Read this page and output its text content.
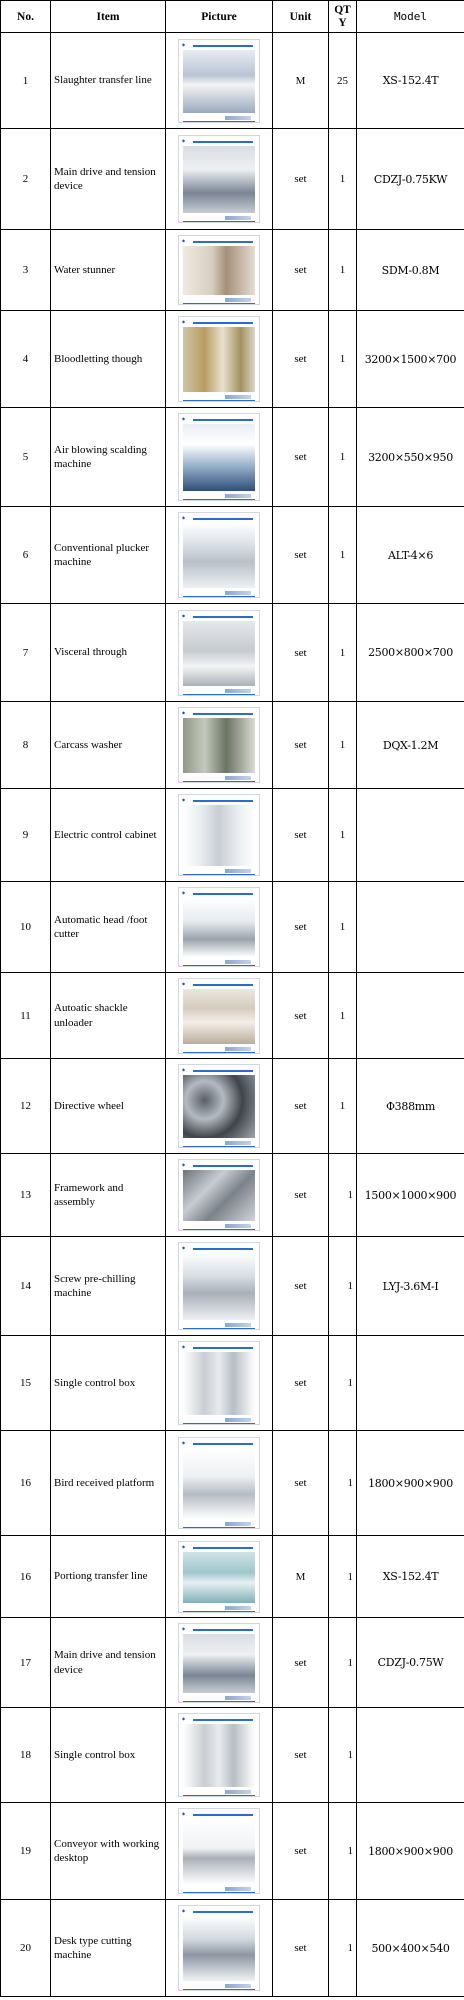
No.	Item	Picture	Unit	QTY	Model
1	Slaughter transfer line	◆	M	25	XS-152.4T
2	Main drive and tension device	◆	set	1	CDZJ-0.75KW
3	Water stunner	◆	set	1	SDM-0.8M
4	Bloodletting though	◆	set	1	3200×1500×700
5	Air blowing scalding machine	◆	set	1	3200×550×950
6	Conventional plucker machine	◆	set	1	ALT-4×6
7	Visceral through	◆	set	1	2500×800×700
8	Carcass washer	◆	set	1	DQX-1.2M
9	Electric control cabinet	◆	set	1	
10	Automatic head /foot cutter	◆	set	1	
11	Autoatic shackle unloader	◆	set	1	
12	Directive wheel	◆	set	1	Φ388mm
13	Framework and assembly	◆	set	1	1500×1000×900
14	Screw pre-chilling machine	◆	set	1	LYJ-3.6M-Ⅰ
15	Single control box	◆	set	1	
16	Bird received platform	◆	set	1	1800×900×900
16	Portiong transfer line	◆	M	1	XS-152.4T
17	Main drive and tension device	◆	set	1	CDZJ-0.75W
18	Single control box	◆	set	1	
19	Conveyor with working desktop	◆	set	1	1800×900×900
20	Desk type cutting machine	◆	set	1	500×400×540
